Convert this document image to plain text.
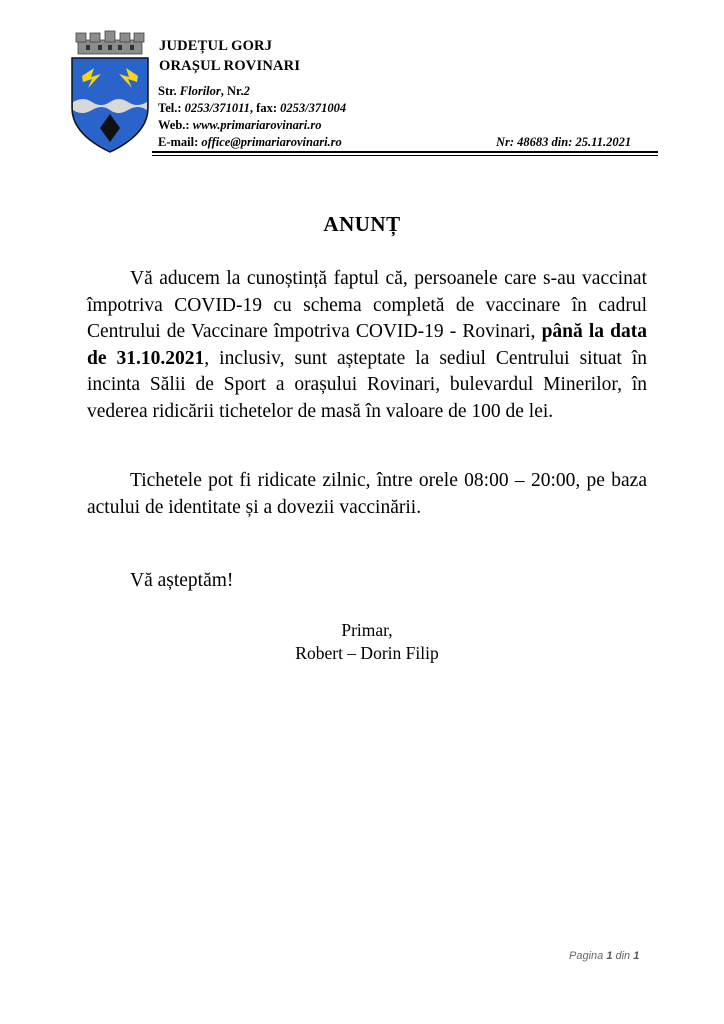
JUDEȚUL GORJ
ORAȘUL ROVINARI
Str. Florilor, Nr.2
Tel.: 0253/371011, fax: 0253/371004
Web.: www.primariarovinari.ro
E-mail: office@primariarovinari.ro	Nr: 48683 din: 25.11.2021
ANUNȚ
Vă aducem la cunoștință faptul că, persoanele care s-au vaccinat împotriva COVID-19 cu schema completă de vaccinare în cadrul Centrului de Vaccinare împotriva COVID-19 - Rovinari, până la data de 31.10.2021, inclusiv, sunt așteptate la sediul Centrului situat în incinta Sălii de Sport a orașului Rovinari, bulevardul Minerilor, în vederea ridicării tichetelor de masă în valoare de 100 de lei.
Tichetele pot fi ridicate zilnic, între orele 08:00 – 20:00, pe baza actului de identitate și a dovezii vaccinării.
Vă așteptăm!
Primar,
Robert – Dorin Filip
Pagina 1 din 1
